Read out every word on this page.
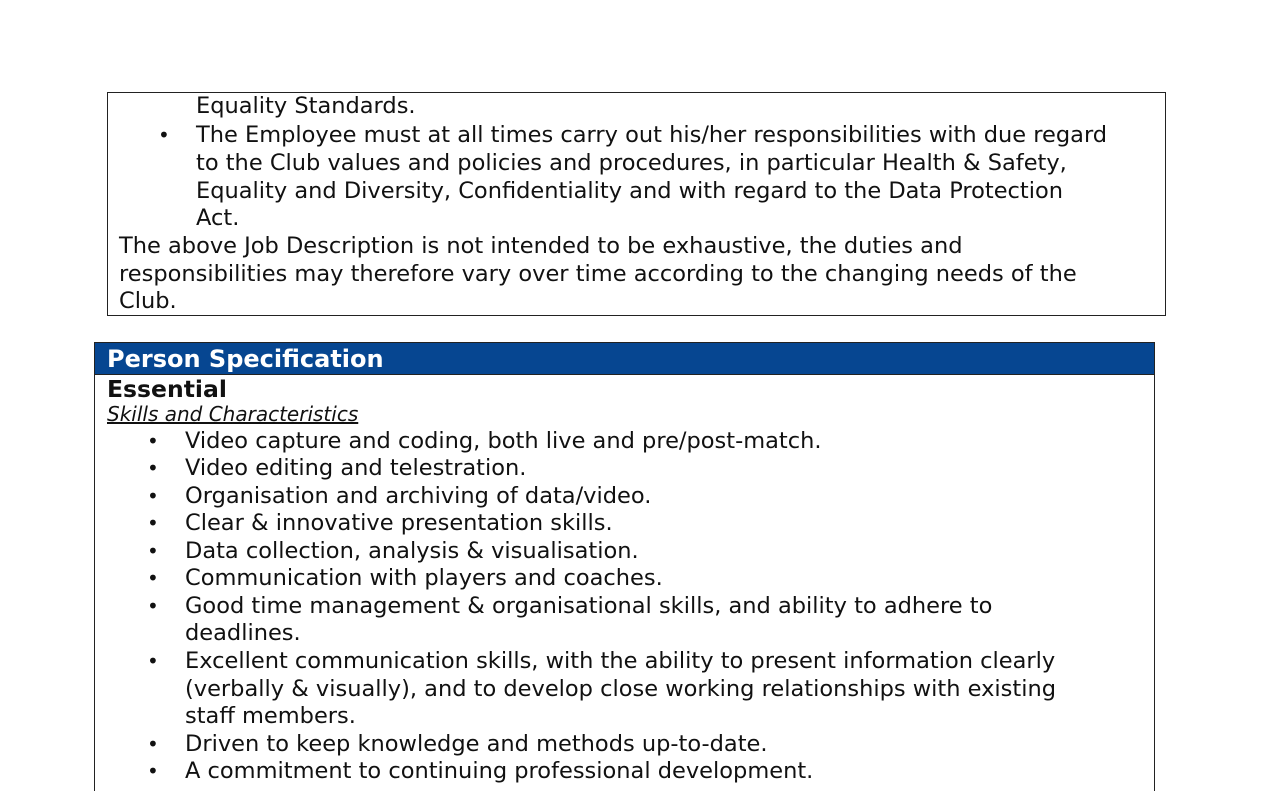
Equality Standards.
• The Employee must at all times carry out his/her responsibilities with due regard
to the Club values and policies and procedures, in particular Health & Safety,
Equality and Diversity, Confidentiality and with regard to the Data Protection
Act.
The above Job Description is not intended to be exhaustive, the duties and
responsibilities may therefore vary over time according to the changing needs of the
Club.
Person Specification
Essential
Skills and Characteristics
• Video capture and coding, both live and pre/post-match.
• Video editing and telestration.
• Organisation and archiving of data/video.
• Clear & innovative presentation skills.
• Data collection, analysis & visualisation.
• Communication with players and coaches.
• Good time management & organisational skills, and ability to adhere to
deadlines.
• Excellent communication skills, with the ability to present information clearly
(verbally & visually), and to develop close working relationships with existing
staff members.
• Driven to keep knowledge and methods up-to-date.
• A commitment to continuing professional development.
